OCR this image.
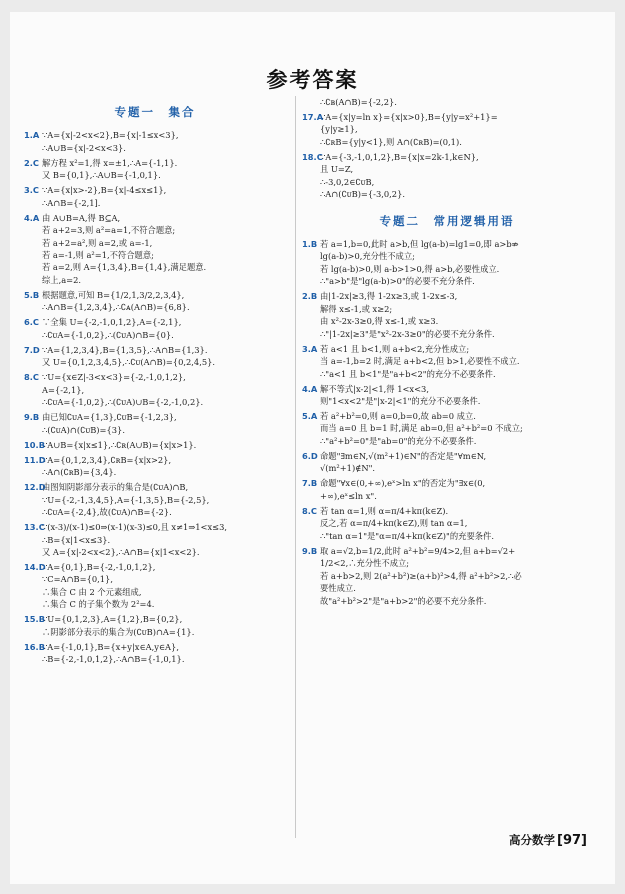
参考答案
专题一　集合
1.A ∵A={x|-2<x<2},B={x|-1≤x<3},
∴A∪B={x|-2<x<3}.
2.C 解方程 x²=1,得 x=±1,∴A={-1,1}.
又 B={0,1},∴A∪B={-1,0,1}.
3.C ∵A={x|x>-2},B={x|-4≤x≤1},
∴A∩B={-2,1].
4.A 由 A∪B=A,得 B⊆A,
若 a+2=3,则 a²=a=1,不符合题意;
若 a+2=a²,则 a=2,或 a=-1,
若 a=-1,则 a²=1,不符合题意;
若 a=2,则 A={1,3,4},B={1,4},满足题意.
综上,a=2.
5.B 根据题意,可知 B={1/2,1,3/2,2,3,4},
∴A∩B={1,2,3,4},∴∁ᴀ(A∩B)={6,8}.
6.C ∵全集 U={-2,-1,0,1,2},A={-2,1},
∴∁ᴜA={-1,0,2},∴(∁ᴜA)∩B={0}.
7.D ∵A={1,2,3,4},B={1,3,5},∴A∩B={1,3}.
又 U={0,1,2,3,4,5},∴∁ᴜ(A∩B)={0,2,4,5}.
8.C ∵U={x∈Z|-3<x<3}={-2,-1,0,1,2},
A={-2,1},
∴∁ᴜA={-1,0,2},∴(∁ᴜA)∪B={-2,-1,0,2}.
9.B 由已知∁ᴜA={1,3},∁ᴜB={-1,2,3},
∴(∁ᴜA)∩(∁ᴜB)={3}.
10.B
∵A∪B={x|x≤1},∴∁ʀ(A∪B)={x|x>1}.
11.D
∵A={0,1,2,3,4},∁ʀB={x|x>2},
∴A∩(∁ʀB)={3,4}.
12.D
由图知阴影部分表示的集合是(∁ᴜA)∩B,
∵U={-2,-1,3,4,5},A={-1,3,5},B={-2,5},
∴∁ᴜA={-2,4},故(∁ᴜA)∩B={-2}.
13.C
∵(x-3)/(x-1)≤0⇒(x-1)(x-3)≤0,且 x≠1⇒1<x≤3,
∴B={x|1<x≤3}.
又 A={x|-2<x<2},∴A∩B={x|1<x<2}.
14.D
∵A={0,1},B={-2,-1,0,1,2},
∵C=A∩B={0,1},
∴集合 C 由 2 个元素组成,
∴集合 C 的子集个数为 2²=4.
15.B
∵U={0,1,2,3},A={1,2},B={0,2},
∴阴影部分表示的集合为(∁ᴜB)∩A={1}.
16.B
∵A={-1,0,1},B={x+y|x∈A,y∈A},
∴B={-2,-1,0,1,2},∴A∩B={-1,0,1}.
∴∁ʙ(A∩B)={-2,2}.
17.A
∵A={x|y=ln x}={x|x>0},B={y|y=x²+1}=
{y|y≥1},
∴∁ʀB={y|y<1},则 A∩(∁ʀB)=(0,1).
18.C
∵A={-3,-1,0,1,2},B={x|x=2k-1,k∈N},
且 U=Z,
∴-3,0,2∈∁ᴜB,
∴A∩(∁ᴜB)={-3,0,2}.
专题二　常用逻辑用语
1.B 若 a=1,b=0,此时 a>b,但 lg(a-b)=lg1=0,即 a>b⇏
lg(a-b)>0,充分性不成立;
若 lg(a-b)>0,则 a-b>1>0,得 a>b,必要性成立.
∴"a>b"是"lg(a-b)>0"的必要不充分条件.
2.B 由|1-2x|≥3,得 1-2x≥3,或 1-2x≤-3,
解得 x≤-1,或 x≥2;
由 x²-2x-3≥0,得 x≤-1,或 x≥3.
∴"|1-2x|≥3"是"x²-2x-3≥0"的必要不充分条件.
3.A 若 a<1 且 b<1,则 a+b<2,充分性成立;
当 a=-1,b=2 时,满足 a+b<2,但 b>1,必要性不成立.
∴"a<1 且 b<1"是"a+b<2"的充分不必要条件.
4.A 解不等式|x-2|<1,得 1<x<3,
则"1<x<2"是"|x-2|<1"的充分不必要条件.
5.A 若 a²+b²=0,则 a=0,b=0,故 ab=0 成立.
而当 a=0 且 b=1 时,满足 ab=0,但 a²+b²=0 不成立;
∴"a²+b²=0"是"ab=0"的充分不必要条件.
6.D 命题"∃m∈N,√(m²+1)∈N"的否定是"∀m∈N,
√(m²+1)∉N".
7.B 命题"∀x∈(0,+∞),eˣ>ln x"的否定为"∃x∈(0,
+∞),eˣ≤ln x".
8.C 若 tan α=1,则 α=π/4+kπ(k∈Z).
反之,若 α=π/4+kπ(k∈Z),则 tan α=1,
∴"tan α=1"是"α=π/4+kπ(k∈Z)"的充要条件.
9.B 取 a=√2,b=1/2,此时 a²+b²=9/4>2,但 a+b=√2+
1/2<2,∴充分性不成立;
若 a+b>2,则 2(a²+b²)≥(a+b)²>4,得 a²+b²>2,∴必
要性成立.
故"a²+b²>2"是"a+b>2"的必要不充分条件.
高分数学 [97]
